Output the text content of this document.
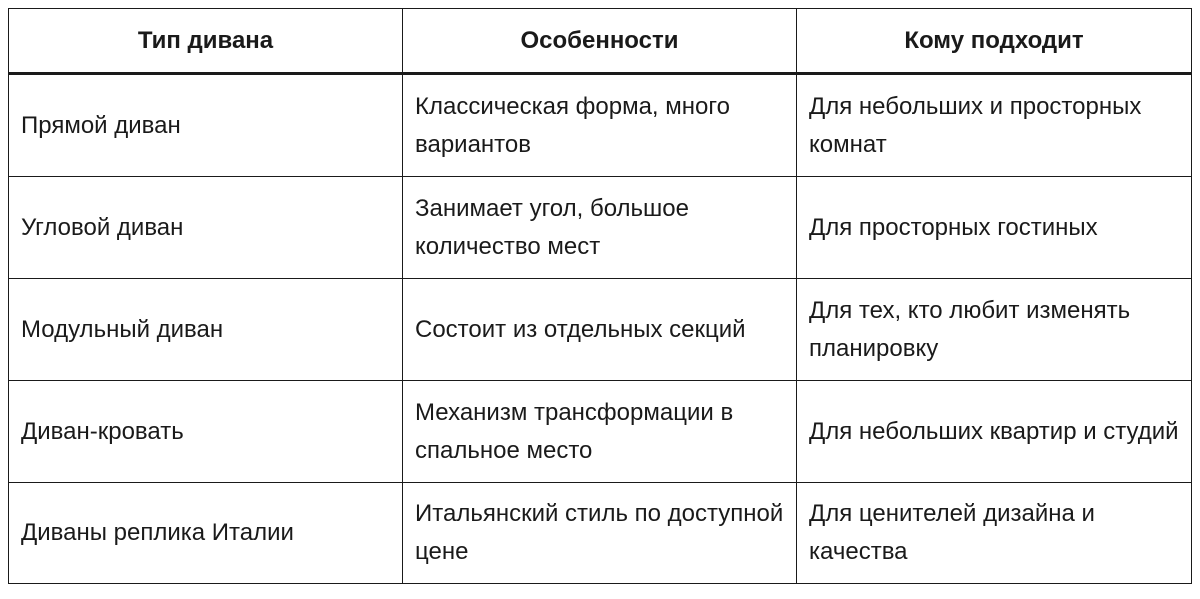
Тип дивана	Особенности	Кому подходит
Прямой диван	Классическая форма, много вариантов	Для небольших и просторных комнат
Угловой диван	Занимает угол, большое количество мест	Для просторных гостиных
Модульный диван	Состоит из отдельных секций	Для тех, кто любит изменять планировку
Диван-кровать	Механизм трансформации в спальное место	Для небольших квартир и студий
Диваны реплика Италии	Итальянский стиль по доступной цене	Для ценителей дизайна и качества
